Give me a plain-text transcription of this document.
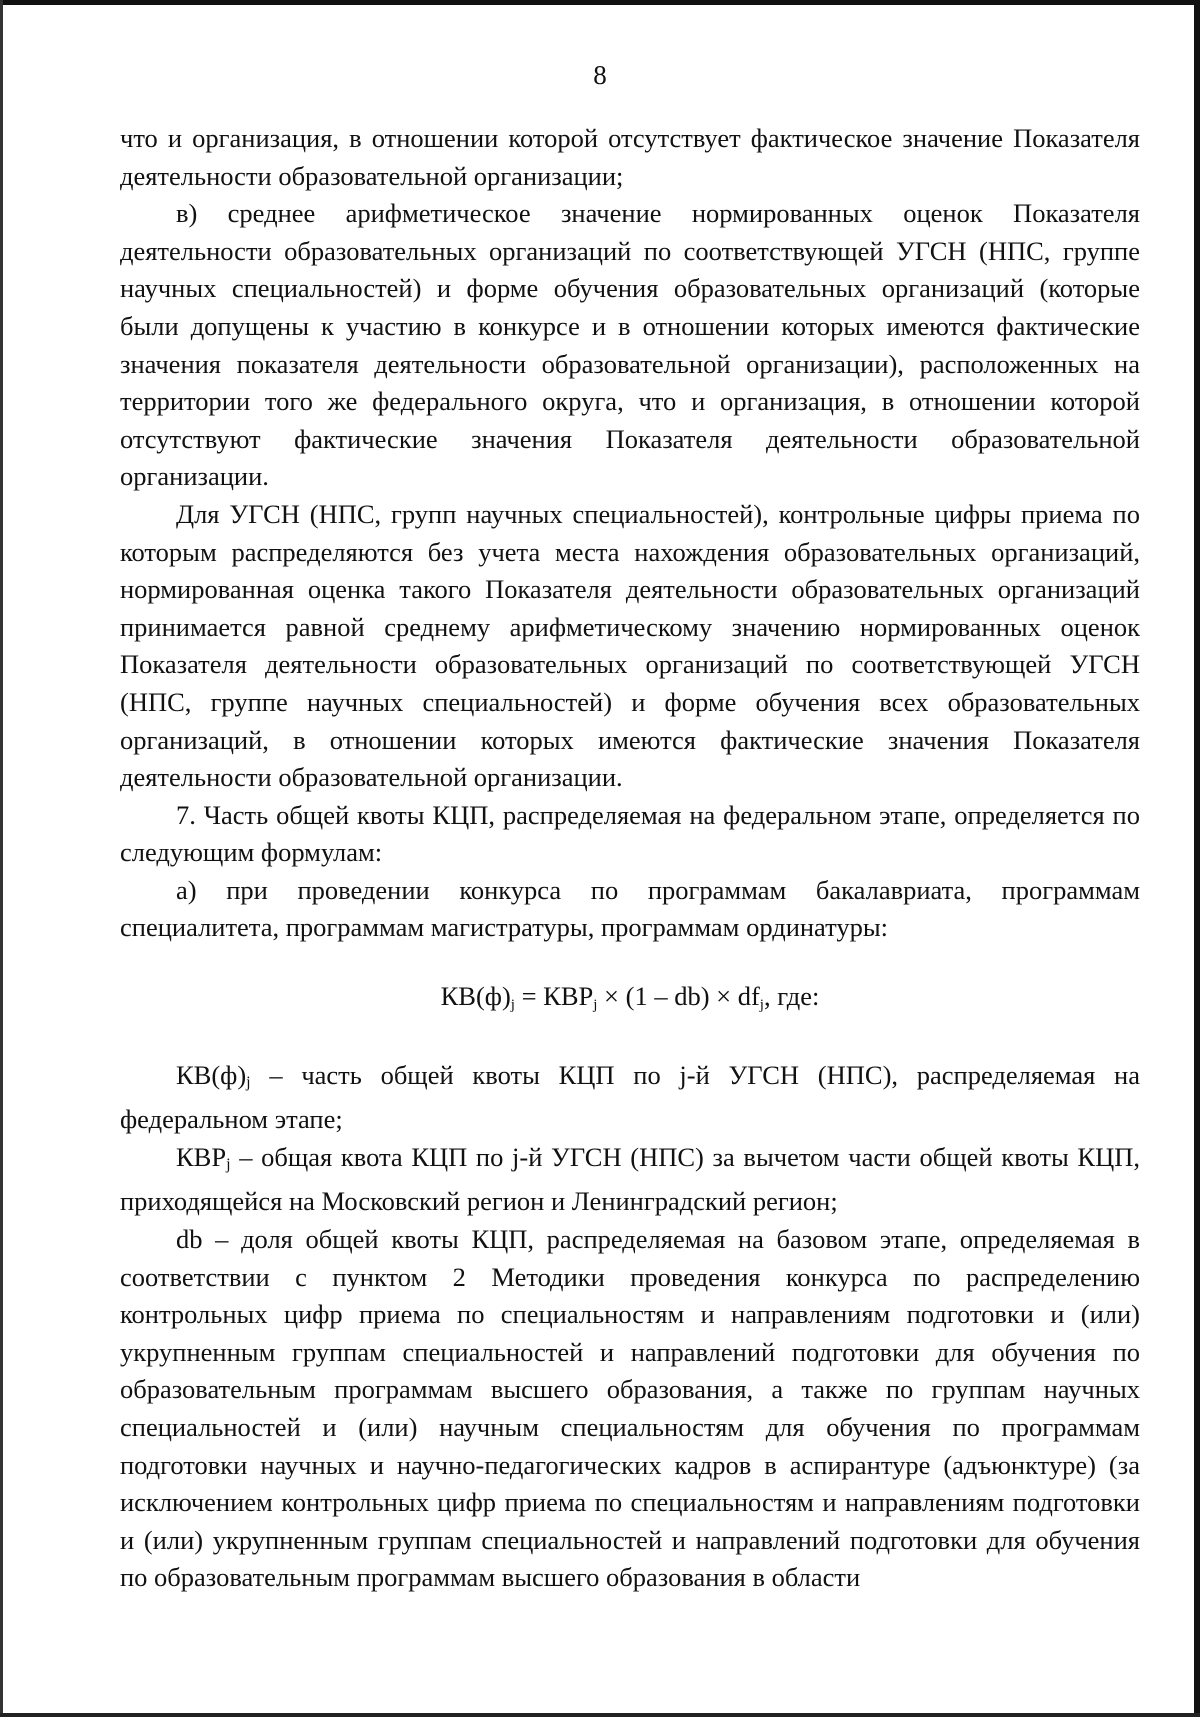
8

что и организация, в отношении которой отсутствует фактическое значение Показателя деятельности образовательной организации;

в) среднее арифметическое значение нормированных оценок Показателя деятельности образовательных организаций по соответствующей УГСН (НПС, группе научных специальностей) и форме обучения образовательных организаций (которые были допущены к участию в конкурсе и в отношении которых имеются фактические значения показателя деятельности образовательной организации), расположенных на территории того же федерального округа, что и организация, в отношении которой отсутствуют фактические значения Показателя деятельности образовательной организации.

Для УГСН (НПС, групп научных специальностей), контрольные цифры приема по которым распределяются без учета места нахождения образовательных организаций, нормированная оценка такого Показателя деятельности образовательных организаций принимается равной среднему арифметическому значению нормированных оценок Показателя деятельности образовательных организаций по соответствующей УГСН (НПС, группе научных специальностей) и форме обучения всех образовательных организаций, в отношении которых имеются фактические значения Показателя деятельности образовательной организации.

7. Часть общей квоты КЦП, распределяемая на федеральном этапе, определяется по следующим формулам:

а) при проведении конкурса по программам бакалавриата, программам специалитета, программам магистратуры, программам ординатуры:

$КВ(ф)_j = КВР_j \times (1 - db) \times df_j$, где:

$КВ(ф)_j$ – часть общей квоты КЦП по j-й УГСН (НПС), распределяемая на федеральном этапе;

$КВР_j$ – общая квота КЦП по j-й УГСН (НПС) за вычетом части общей квоты КЦП, приходящейся на Московский регион и Ленинградский регион;

db – доля общей квоты КЦП, распределяемая на базовом этапе, определяемая в соответствии с пунктом 2 Методики проведения конкурса по распределению контрольных цифр приема по специальностям и направлениям подготовки и (или) укрупненным группам специальностей и направлений подготовки для обучения по образовательным программам высшего образования, а также по группам научных специальностей и (или) научным специальностям для обучения по программам подготовки научных и научно-педагогических кадров в аспирантуре (адъюнктуре) (за исключением контрольных цифр приема по специальностям и направлениям подготовки и (или) укрупненным группам специальностей и направлений подготовки для обучения по образовательным программам высшего образования в области
